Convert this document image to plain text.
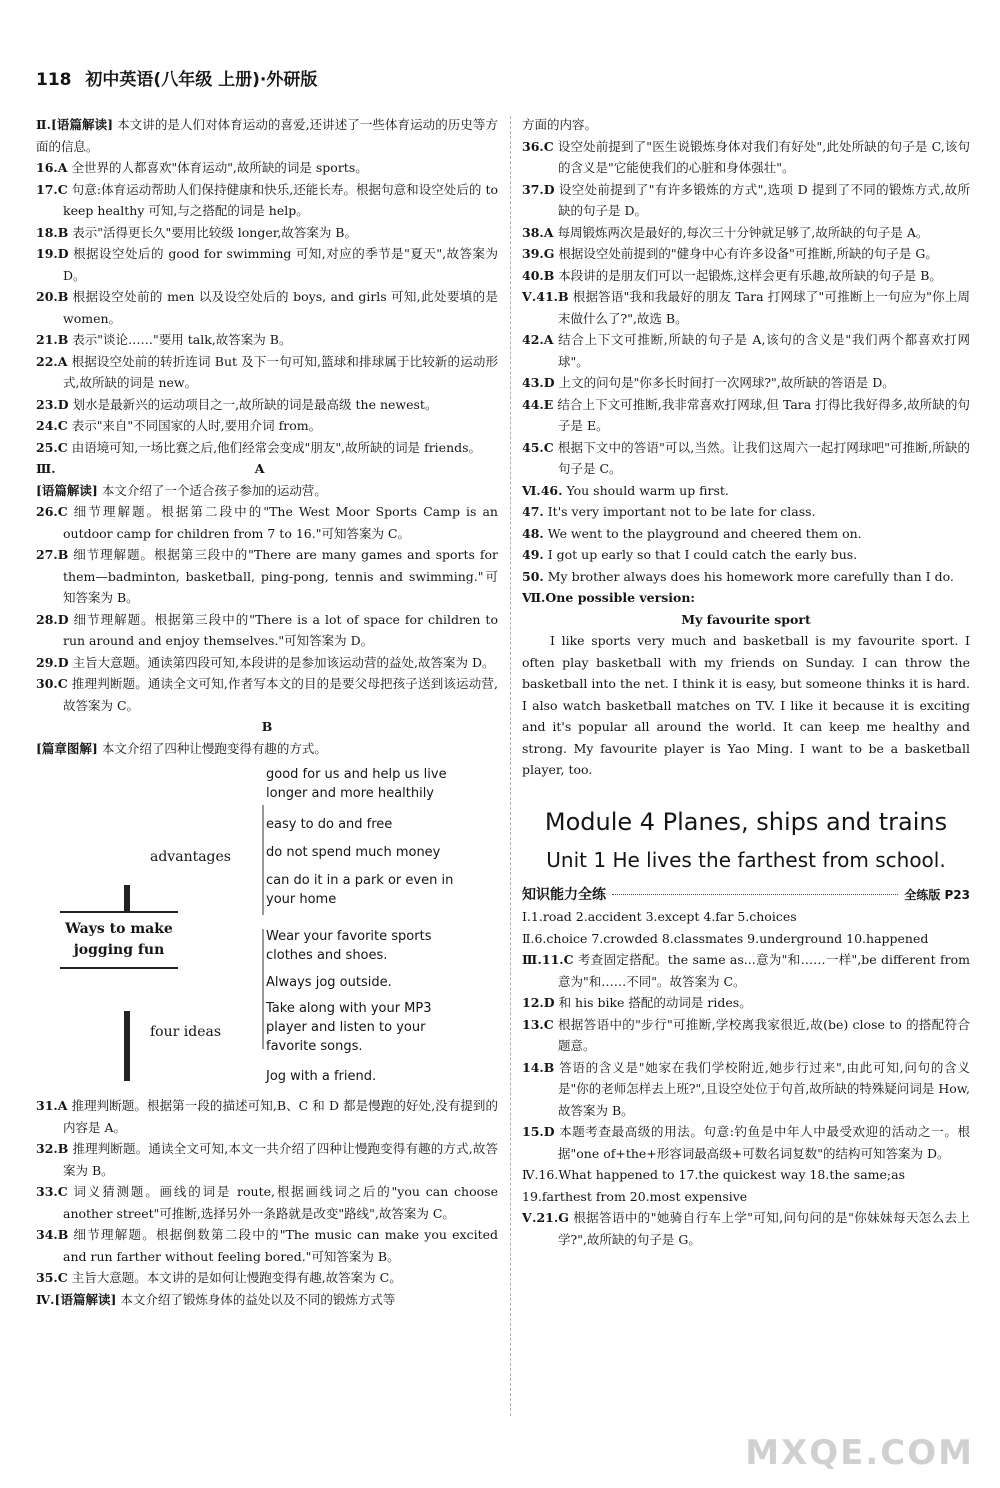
118 初中英语(八年级 上册)·外研版

Ⅱ.[语篇解读] 本文讲的是人们对体育运动的喜爱,还讲述了一些体育运动的历史等方面的信息。

16.A 全世界的人都喜欢"体育运动",故所缺的词是 sports。

17.C 句意:体育运动帮助人们保持健康和快乐,还能长寿。根据句意和设空处后的 to keep healthy 可知,与之搭配的词是 help。

18.B 表示"活得更长久"要用比较级 longer,故答案为 B。

19.D 根据设空处后的 good for swimming 可知,对应的季节是"夏天",故答案为 D。

20.B 根据设空处前的 men 以及设空处后的 boys, and girls 可知,此处要填的是 women。

21.B 表示"谈论……"要用 talk,故答案为 B。

22.A 根据设空处前的转折连词 But 及下一句可知,篮球和排球属于比较新的运动形式,故所缺的词是 new。

23.D 划水是最新兴的运动项目之一,故所缺的词是最高级 the newest。

24.C 表示"来自"不同国家的人时,要用介词 from。

25.C 由语境可知,一场比赛之后,他们经常会变成"朋友",故所缺的词是 friends。

Ⅲ.	A

[语篇解读] 本文介绍了一个适合孩子参加的运动营。

26.C 细节理解题。根据第二段中的"The West Moor Sports Camp is an outdoor camp for children from 7 to 16."可知答案为 C。

27.B 细节理解题。根据第三段中的"There are many games and sports for them—badminton, basketball, ping-pong, tennis and swimming."可知答案为 B。

28.D 细节理解题。根据第三段中的"There is a lot of space for children to run around and enjoy themselves."可知答案为 D。

29.D 主旨大意题。通读第四段可知,本段讲的是参加该运动营的益处,故答案为 D。

30.C 推理判断题。通读全文可知,作者写本文的目的是要父母把孩子送到该运动营,故答案为 C。

B

[篇章图解] 本文介绍了四种让慢跑变得有趣的方式。

Ways to make jogging fun
advantages
four ideas
good for us and help us live longer and more healthily
easy to do and free
do not spend much money
can do it in a park or even in your home
Wear your favorite sports clothes and shoes.
Always jog outside.
Take along with your MP3 player and listen to your favorite songs.
Jog with a friend.

31.A 推理判断题。根据第一段的描述可知,B、C 和 D 都是慢跑的好处,没有提到的内容是 A。

32.B 推理判断题。通读全文可知,本文一共介绍了四种让慢跑变得有趣的方式,故答案为 B。

33.C 词义猜测题。画线的词是 route,根据画线词之后的"you can choose another street"可推断,选择另外一条路就是改变"路线",故答案为 C。

34.B 细节理解题。根据倒数第二段中的"The music can make you excited and run farther without feeling bored."可知答案为 B。

35.C 主旨大意题。本文讲的是如何让慢跑变得有趣,故答案为 C。

Ⅳ.[语篇解读] 本文介绍了锻炼身体的益处以及不同的锻炼方式等

方面的内容。

36.C 设空处前提到了"医生说锻炼身体对我们有好处",此处所缺的句子是 C,该句的含义是"它能使我们的心脏和身体强壮"。

37.D 设空处前提到了"有许多锻炼的方式",选项 D 提到了不同的锻炼方式,故所缺的句子是 D。

38.A 每周锻炼两次是最好的,每次三十分钟就足够了,故所缺的句子是 A。

39.G 根据设空处前提到的"健身中心有许多设备"可推断,所缺的句子是 G。

40.B 本段讲的是朋友们可以一起锻炼,这样会更有乐趣,故所缺的句子是 B。

Ⅴ.41.B 根据答语"我和我最好的朋友 Tara 打网球了"可推断上一句应为"你上周末做什么了?",故选 B。

42.A 结合上下文可推断,所缺的句子是 A,该句的含义是"我们两个都喜欢打网球"。

43.D 上文的问句是"你多长时间打一次网球?",故所缺的答语是 D。

44.E 结合上下文可推断,我非常喜欢打网球,但 Tara 打得比我好得多,故所缺的句子是 E。

45.C 根据下文中的答语"可以,当然。让我们这周六一起打网球吧"可推断,所缺的句子是 C。

Ⅵ.46. You should warm up first.

47. It's very important not to be late for class.

48. We went to the playground and cheered them on.

49. I got up early so that I could catch the early bus.

50. My brother always does his homework more carefully than I do.

Ⅶ.One possible version:

My favourite sport

I like sports very much and basketball is my favourite sport. I often play basketball with my friends on Sunday. I can throw the basketball into the net. I think it is easy, but someone thinks it is hard. I also watch basketball matches on TV. I like it because it is exciting and it's popular all around the world. It can keep me healthy and strong. My favourite player is Yao Ming. I want to be a basketball player, too.

Module 4 Planes, ships and trains
Unit 1 He lives the farthest from school.
知识能力全练	全练版 P23

Ⅰ.1.road 2.accident 3.except 4.far 5.choices

Ⅱ.6.choice 7.crowded 8.classmates 9.underground 10.happened

Ⅲ.11.C 考查固定搭配。the same as...意为"和……一样",be different from 意为"和……不同"。故答案为 C。

12.D 和 his bike 搭配的动词是 rides。

13.C 根据答语中的"步行"可推断,学校离我家很近,故(be) close to 的搭配符合题意。

14.B 答语的含义是"她家在我们学校附近,她步行过来",由此可知,问句的含义是"你的老师怎样去上班?",且设空处位于句首,故所缺的特殊疑问词是 How,故答案为 B。

15.D 本题考查最高级的用法。句意:钓鱼是中年人中最受欢迎的活动之一。根据"one of+the+形容词最高级+可数名词复数"的结构可知答案为 D。

Ⅳ.16.What happened to 17.the quickest way 18.the same;as

19.farthest from 20.most expensive

Ⅴ.21.G 根据答语中的"她骑自行车上学"可知,问句问的是"你妹妹每天怎么去上学?",故所缺的句子是 G。

MXQE.COM
